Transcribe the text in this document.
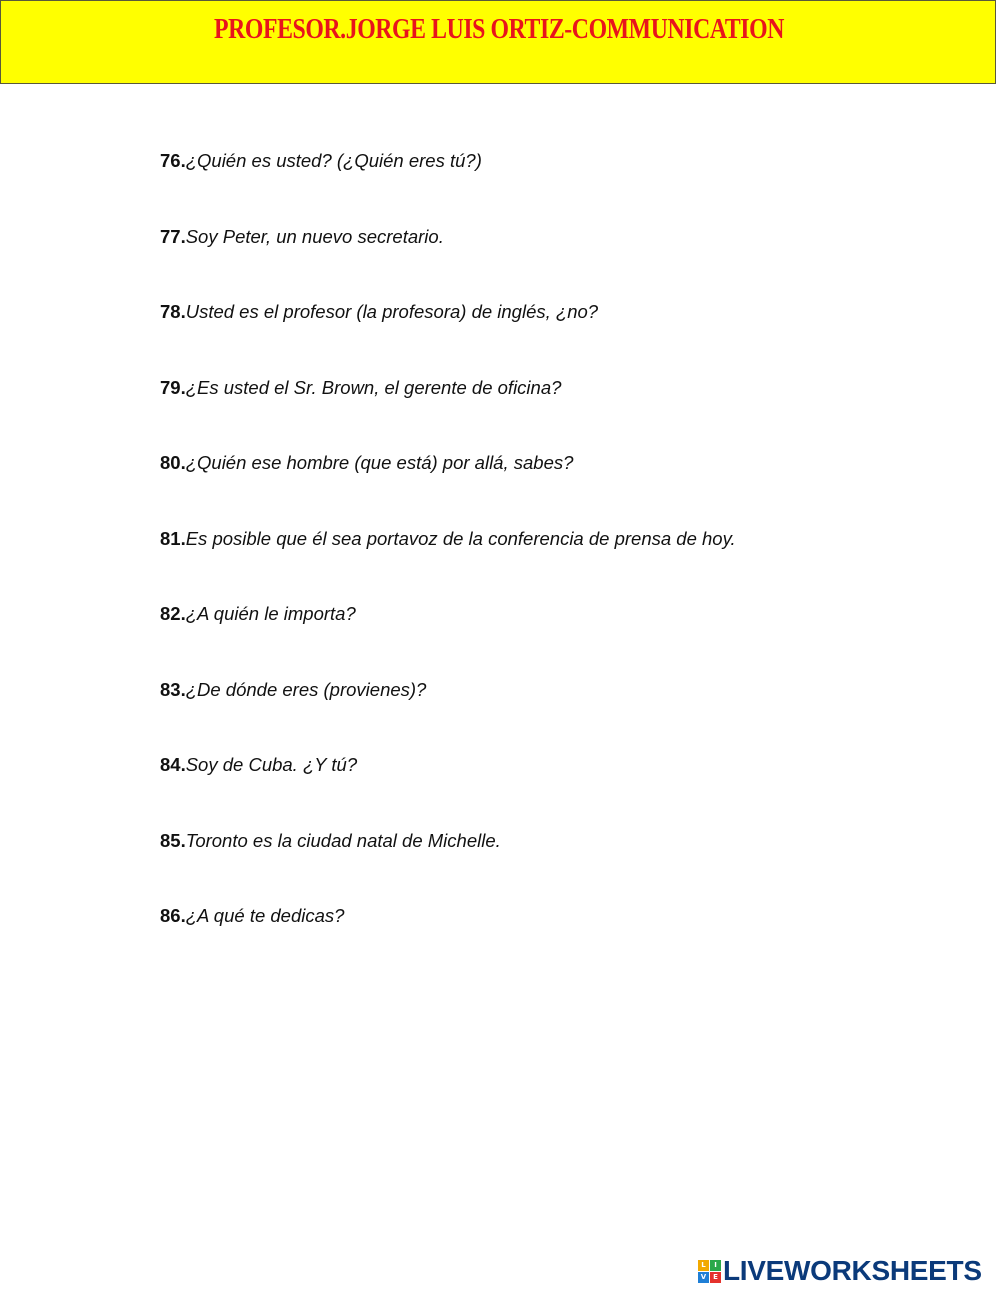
PROFESOR.JORGE LUIS ORTIZ-COMMUNICATION
76.¿Quién es usted? (¿Quién eres tú?)
77.Soy Peter, un nuevo secretario.
78.Usted es el profesor (la profesora) de inglés, ¿no?
79.¿Es usted el Sr. Brown, el gerente de oficina?
80.¿Quién ese hombre (que está) por allá, sabes?
81.Es posible que él sea portavoz de la conferencia de prensa de hoy.
82.¿A quién le importa?
83.¿De dónde eres (provienes)?
84.Soy de Cuba. ¿Y tú?
85.Toronto es la ciudad natal de Michelle.
86.¿A qué te dedicas?
L	I
V E LIVEWORKSHEETS
